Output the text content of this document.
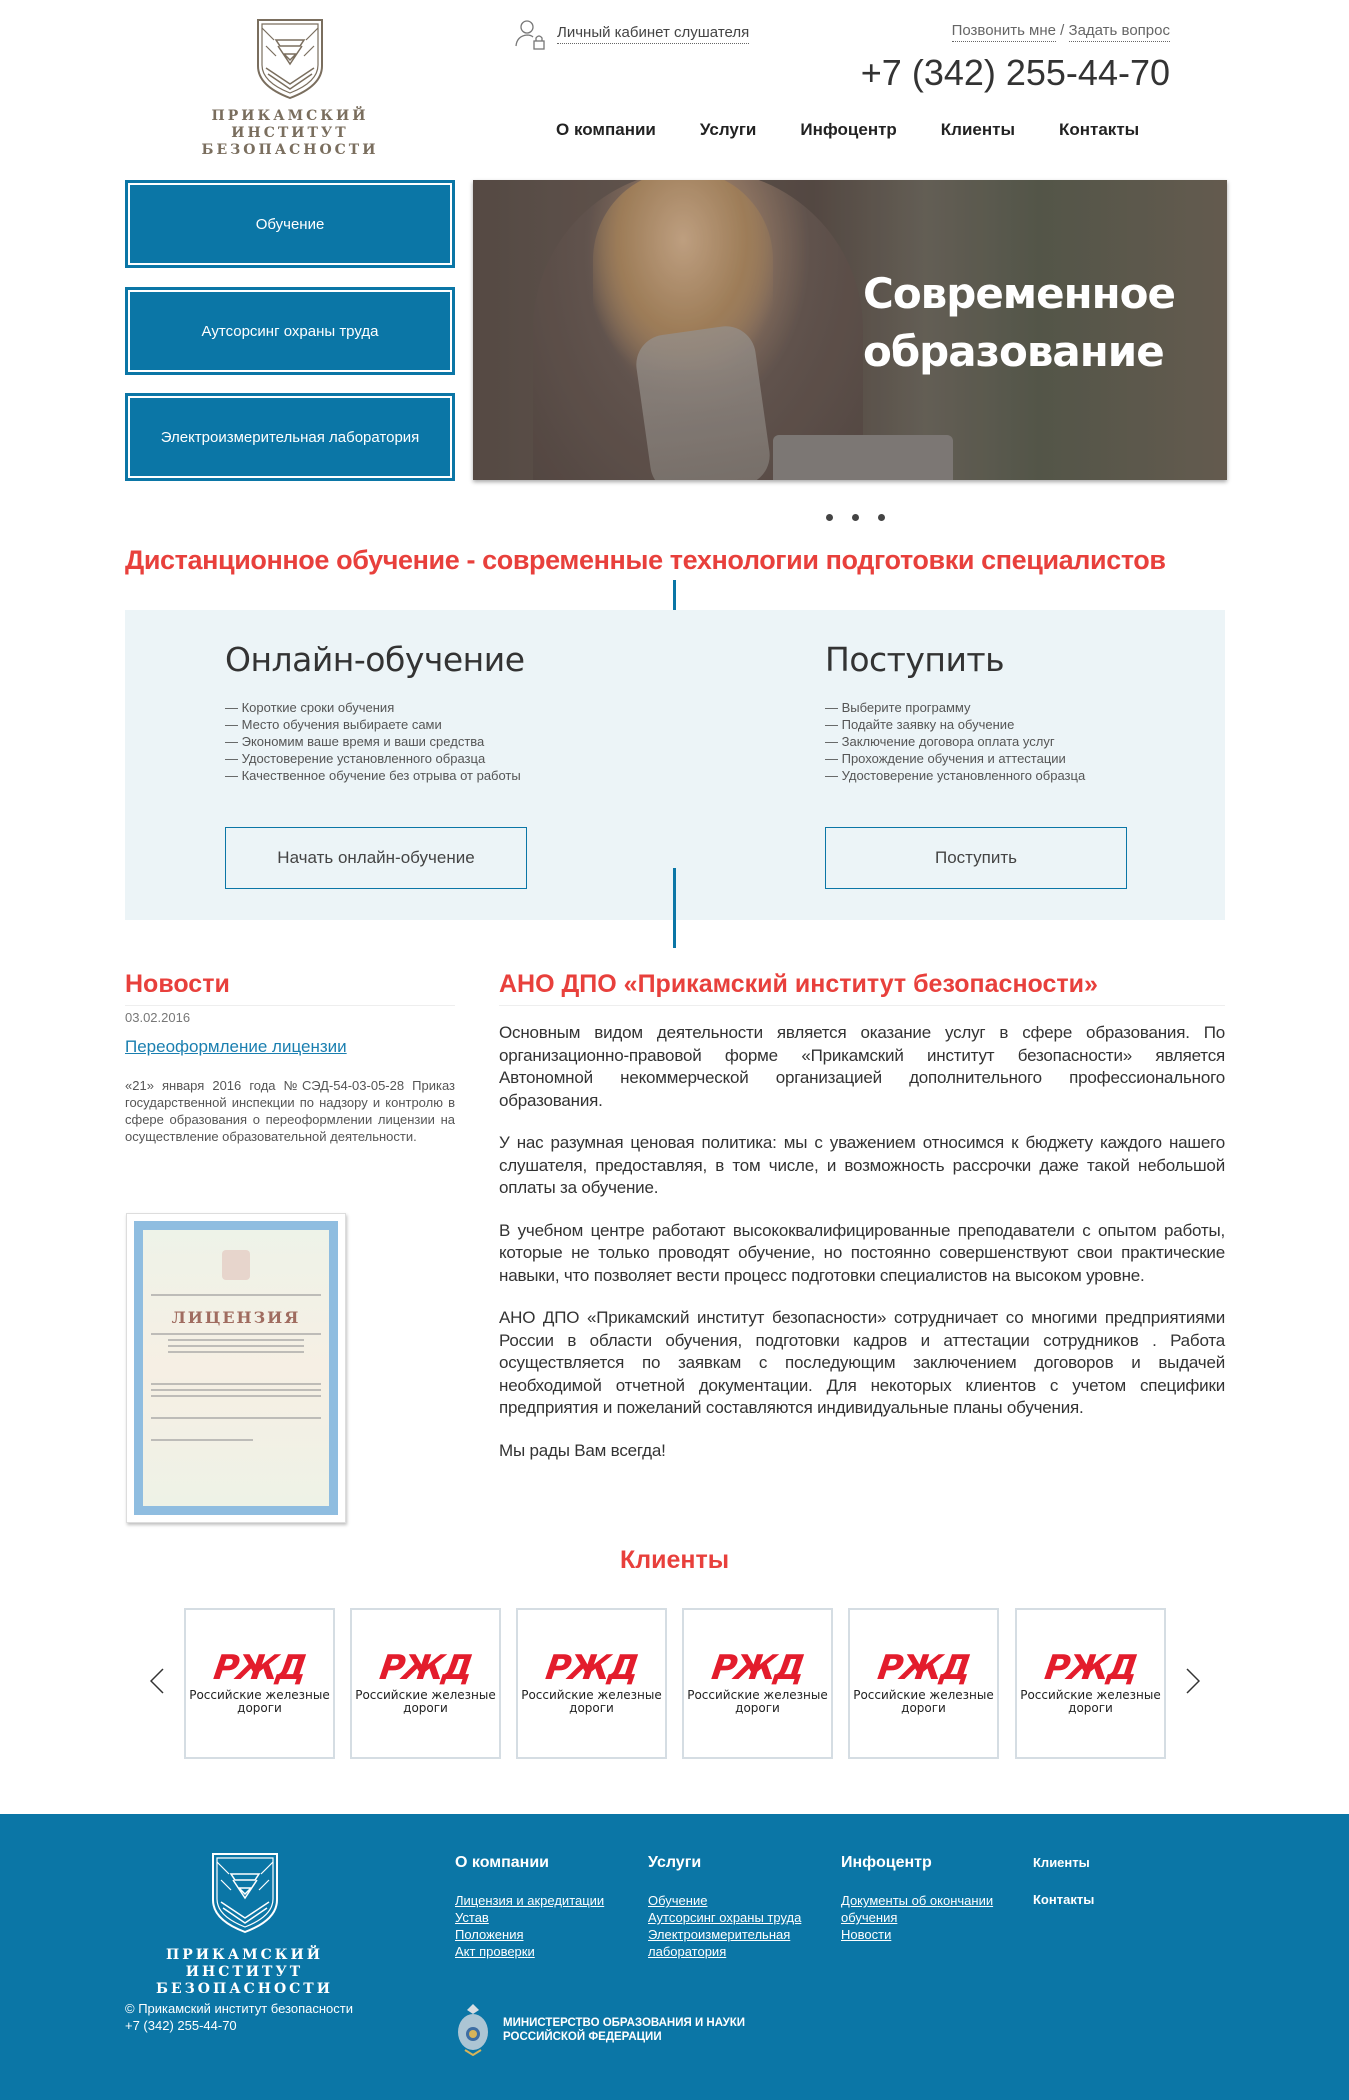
ПРИКАМСКИЙ ИНСТИТУТ
БЕЗОПАСНОСТИ
Личный кабинет слушателя	Позвонить мне / Задать вопрос
+7 (342) 255-44-70
О компании	Услуги	Инфоцентр	Клиенты	Контакты
Обучение
Аутсорсинг охраны труда
Электроизмерительная лаборатория
Современное
образование
Дистанционное обучение - современные технологии подготовки специалистов
Онлайн-обучение
— Короткие сроки обучения
— Место обучения выбираете сами
— Экономим ваше время и ваши средства
— Удостоверение установленного образца
— Качественное обучение без отрыва от работы
Начать онлайн-обучение
Поступить
— Выберите программу
— Подайте заявку на обучение
— Заключение договора оплата услуг
— Прохождение обучения и аттестации
— Удостоверение установленного образца
Поступить
Новости
03.02.2016
Переоформление лицензии

«21» января 2016 года №СЭД-54-03-05-28 Приказ государственной инспекции по надзору и контролю в сфере образования о переоформлении лицензии на осуществление образовательной деятельности.

ЛИЦЕНЗИЯ
АНО ДПО «Прикамский институт безопасности»

Основным видом деятельности является оказание услуг в сфере образования. По организационно-правовой форме «Прикамский институт безопасности» является Автономной некоммерческой организацией дополнительного профессионального образования.

У нас разумная ценовая политика: мы с уважением относимся к бюджету каждого нашего слушателя, предоставляя, в том числе, и возможность рассрочки даже такой небольшой оплаты за обучение.

В учебном центре работают высококвалифицированные преподаватели с опытом работы, которые не только проводят обучение, но постоянно совершенствуют свои практические навыки, что позволяет вести процесс подготовки специалистов на высоком уровне.

АНО ДПО «Прикамский институт безопасности» сотрудничает со многими предприятиями России в области обучения, подготовки кадров и аттестации сотрудников . Работа осуществляется по заявкам с последующим заключением договоров и выдачей необходимой отчетной документации. Для некоторых клиентов с учетом специфики предприятия и пожеланий составляются индивидуальные планы обучения.

Мы рады Вам всегда!

Клиенты
РЖД
Российские железные дороги
РЖД
Российские железные дороги
РЖД
Российские железные дороги
РЖД
Российские железные дороги
РЖД
Российские железные дороги
РЖД
Российские железные дороги
ПРИКАМСКИЙ ИНСТИТУТ
БЕЗОПАСНОСТИ
© Прикамский институт безопасности
+7 (342) 255-44-70
О компании
Лицензия и акредитации
Устав
Положения
Акт проверки
Услуги
Обучение
Аутсорсинг охраны труда
Электроизмерительная лаборатория
Инфоцентр
Документы об окончании обучения
Новости
Клиенты
Контакты
МИНИСТЕРСТВО ОБРАЗОВАНИЯ И НАУКИ
РОССИЙСКОЙ ФЕДЕРАЦИИ
